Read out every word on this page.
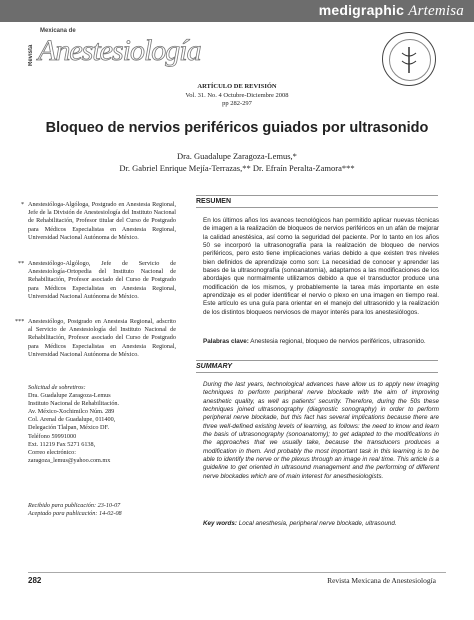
medigraphic Artemisa
Revista
Mexicana de
Anestesiología
ARTÍCULO DE REVISIÓN
Vol. 31. No. 4 Octubre-Diciembre 2008
pp 282-297
Bloqueo de nervios periféricos guiados por ultrasonido
Dra. Guadalupe Zaragoza-Lemus,*
Dr. Gabriel Enrique Mejía-Terrazas,** Dr. Efraín Peralta-Zamora***
* Anestesióloga-Algóloga, Postgrado en Anestesia Regional, Jefe de la División de Anestesiología del Instituto Nacional de Rehabilitación, Profesor titular del Curso de Postgrado para Médicos Especialistas en Anestesia Regional, Universidad Nacional Autónoma de México.
** Anestesiólogo-Algólogo, Jefe de Servicio de Anestesiología-Ortopedia del Instituto Nacional de Rehabilitación, Profesor asociado del Curso de Postgrado para Médicos Especialistas en Anestesia Regional, Universidad Nacional Autónoma de México.
*** Anestesiólogo, Postgrado en Anestesia Regional, adscrito al Servicio de Anestesiología del Instituto Nacional de Rehabilitación, Profesor asociado del Curso de Postgrado para Médicos Especialistas en Anestesia Regional, Universidad Nacional Autónoma de México.
Solicitud de sobretiros:
Dra. Guadalupe Zaragoza-Lemus
Instituto Nacional de Rehabilitación.
Av. México-Xochimilco Núm. 289
Col. Arenal de Guadalupe, 011400,
Delegación Tlalpan, México DF.
Teléfono 59991000
Ext. 11219 Fax 5271 6138,
Correo electrónico:
zaragoza_lemus@yahoo.com.mx
Recibido para publicación: 23-10-07
Aceptado para publicación: 14-02-08
RESUMEN
En los últimos años los avances tecnológicos han permitido aplicar nuevas técnicas de imagen a la realización de bloqueos de nervios periféricos en un afán de mejorar la calidad anestésica, así como la seguridad del paciente. Por lo tanto en los años 50 se incorporó la ultrasonografía para la realización de bloqueo de nervios periféricos, pero esto tiene implicaciones varias debido a que existen tres niveles bien definidos de aprendizaje como son: La necesidad de conocer y aprender las bases de la ultrasonografía (sonoanatomía), adaptarnos a las modificaciones de los abordajes que normalmente utilizamos debido a que el transductor produce una modificación de los mismos, y probablemente la tarea más importante en este aprendizaje es el poder identificar el nervio o plexo en una imagen en tiempo real. Este artículo es una guía para orientar en el manejo del ultrasonido y la realización de los distintos bloqueos nerviosos de mayor interés para los anestesiólogos.
Palabras clave: Anestesia regional, bloqueo de nervios periféricos, ultrasonido.
SUMMARY
During the last years, technological advances have allow us to apply new imaging techniques to perform peripheral nerve blockade with the aim of improving anesthetic quality, as well as patients' security. Therefore, during the 50s these techniques joined ultrasonography (diagnostic sonography) in order to perform peripheral nerve blockade, but this fact has several implications because there are three well-defined existing levels of learning, as follows: the need to know and learn the basis of ultrasonography (sonoanatomy); to get adapted to the modifications in the approaches that we usually take, because the transducers produces a modification in them. And probably the most important task in this learning is to be able to identify the nerve or the plexus through an image in real time. This article is a guideline to get oriented in ultrasound management and the performing of different nerve blockades which are of main interest for anesthesiologists.
Key words: Local anesthesia, peripheral nerve blockade, ultrasound.
282	Revista Mexicana de Anestesiología
